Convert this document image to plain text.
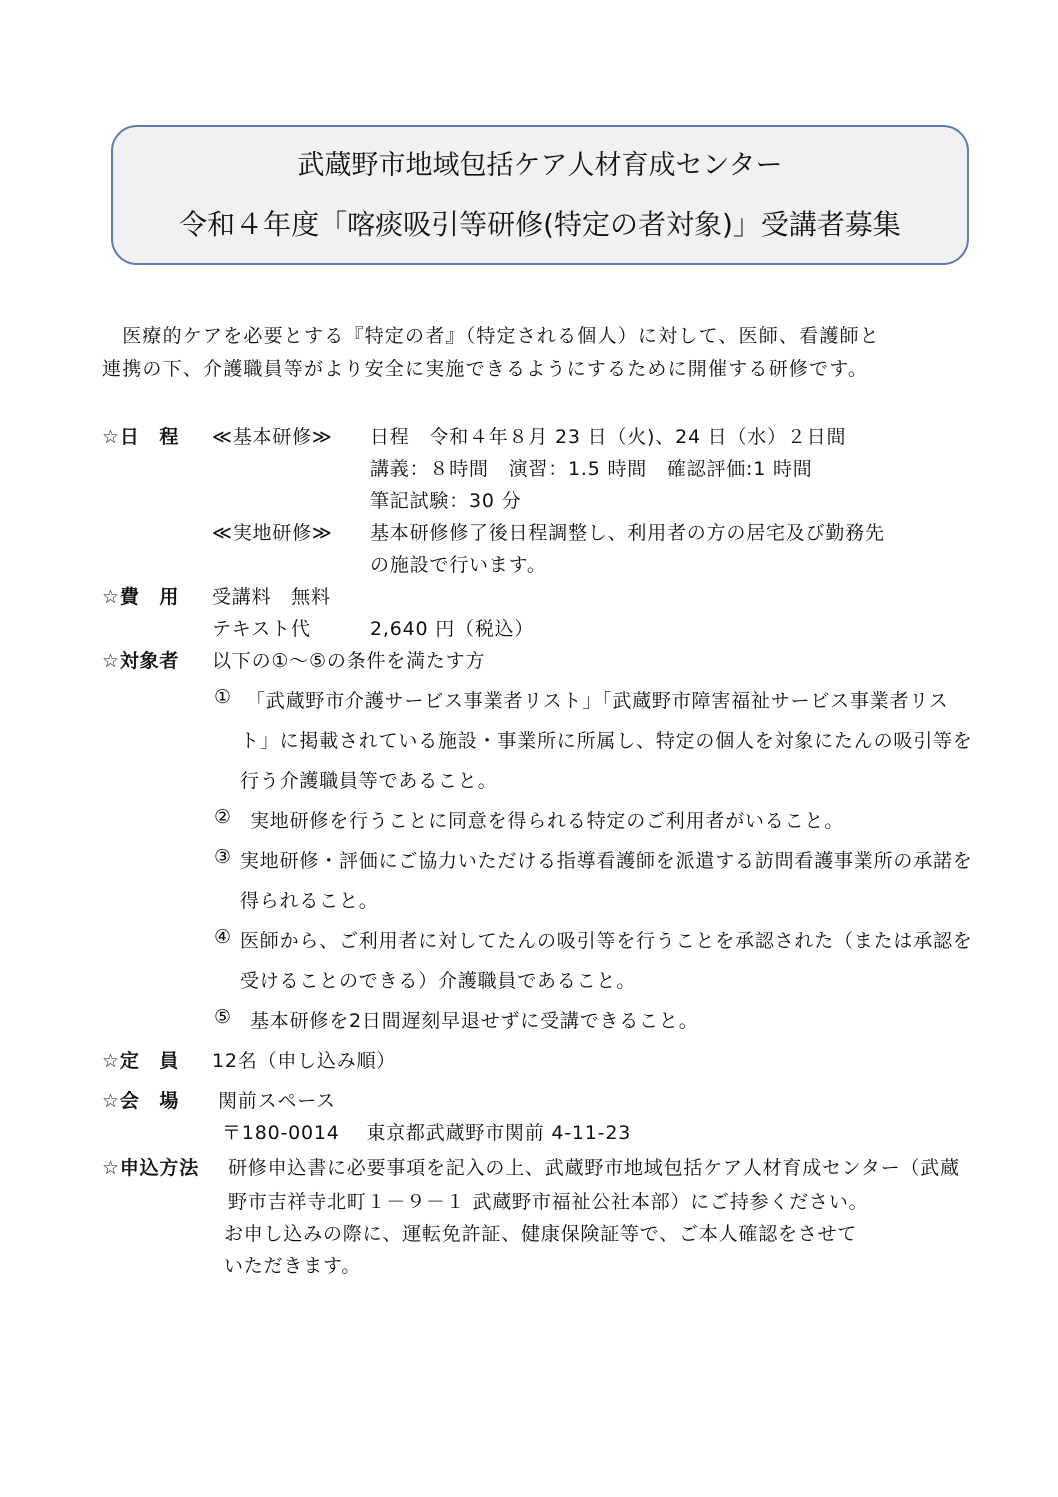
武蔵野市地域包括ケア人材育成センター
令和４年度「喀痰吸引等研修(特定の者対象)」受講者募集
　医療的ケアを必要とする『特定の者』（特定される個人）に対して、医師、看護師と
連携の下、介護職員等がより安全に実施できるようにするために開催する研修です。
☆日　程 ≪基本研修≫ 日程　令和４年８月 23 日（火)、24 日（水）２日間
講義：８時間　演習：1.5 時間　確認評価:1 時間
筆記試験：30 分
≪実地研修≫ 基本研修修了後日程調整し、利用者の方の居宅及び勤務先
の施設で行います。
☆費　用 受講料　無料
テキスト代	2,640 円（税込）
☆対象者 以下の①～⑤の条件を満たす方
① 「武蔵野市介護サービス事業者リスト」「武蔵野市障害福祉サービス事業者リス
ト」に掲載されている施設・事業所に所属し、特定の個人を対象にたんの吸引等を
行う介護職員等であること。
② 実地研修を行うことに同意を得られる特定のご利用者がいること。
③ 実地研修・評価にご協力いただける指導看護師を派遣する訪問看護事業所の承諾を
得られること。
④ 医師から、ご利用者に対してたんの吸引等を行うことを承認された（または承認を
受けることのできる）介護職員であること。
⑤ 基本研修を2日間遅刻早退せずに受講できること。
☆定　員 12名（申し込み順）
☆会　場 関前スペース
〒180-0014　 東京都武蔵野市関前 4-11-23
☆申込方法 研修申込書に必要事項を記入の上、武蔵野市地域包括ケア人材育成センター（武蔵
野市吉祥寺北町１－９－１ 武蔵野市福祉公社本部）にご持参ください。
お申し込みの際に、運転免許証、健康保険証等で、ご本人確認をさせて
いただきます。
